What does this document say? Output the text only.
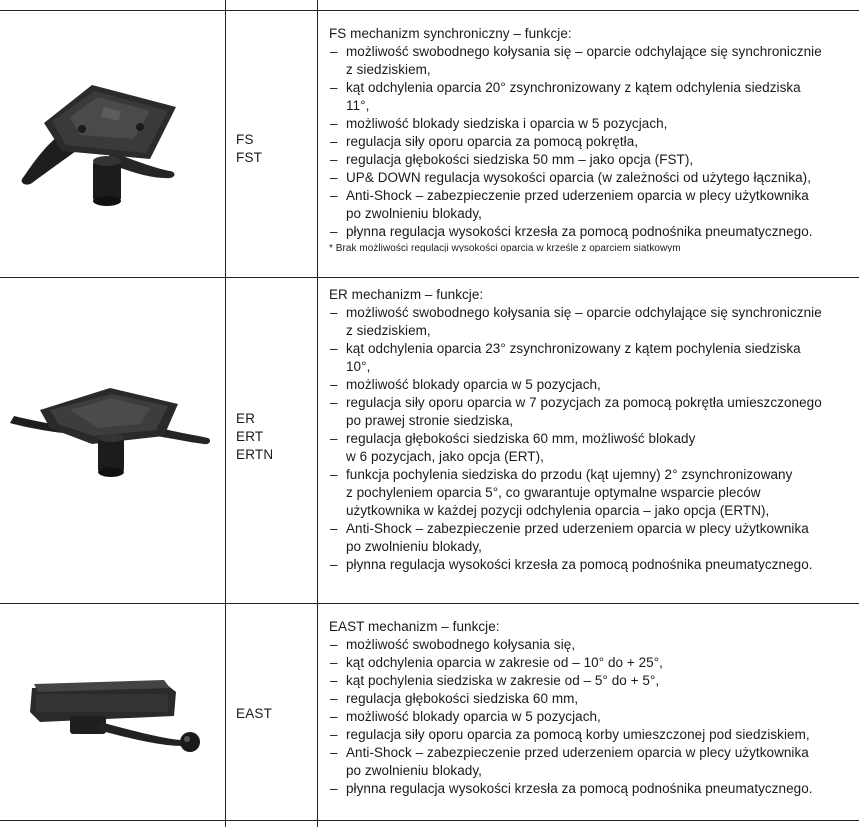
FS
FST
FS mechanizm synchroniczny – funkcje:
– możliwość swobodnego kołysania się – oparcie odchylające się synchronicznie
z siedziskiem,
– kąt odchylenia oparcia 20° zsynchronizowany z kątem odchylenia siedziska
11°,
– możliwość blokady siedziska i oparcia w 5 pozycjach,
– regulacja siły oporu oparcia za pomocą pokrętła,
– regulacja głębokości siedziska 50 mm – jako opcja (FST),
– UP& DOWN regulacja wysokości oparcia (w zależności od użytego łącznika),
– Anti-Shock – zabezpieczenie przed uderzeniem oparcia w plecy użytkownika
po zwolnieniu blokady,
– płynna regulacja wysokości krzesła za pomocą podnośnika pneumatycznego.
* Brak możliwości regulacji wysokości oparcia w krześle z oparciem siatkowym
ER
ERT
ERTN
ER mechanizm – funkcje:
– możliwość swobodnego kołysania się – oparcie odchylające się synchronicznie
z siedziskiem,
– kąt odchylenia oparcia 23° zsynchronizowany z kątem pochylenia siedziska
10°,
– możliwość blokady oparcia w 5 pozycjach,
– regulacja siły oporu oparcia w 7 pozycjach za pomocą pokrętła umieszczonego
po prawej stronie siedziska,
– regulacja głębokości siedziska 60 mm, możliwość blokady
w 6 pozycjach, jako opcja (ERT),
– funkcja pochylenia siedziska do przodu (kąt ujemny) 2° zsynchronizowany
z pochyleniem oparcia 5°, co gwarantuje optymalne wsparcie pleców
użytkownika w każdej pozycji odchylenia oparcia – jako opcja (ERTN),
– Anti-Shock – zabezpieczenie przed uderzeniem oparcia w plecy użytkownika
po zwolnieniu blokady,
– płynna regulacja wysokości krzesła za pomocą podnośnika pneumatycznego.
EAST
EAST mechanizm – funkcje:
– możliwość swobodnego kołysania się,
– kąt odchylenia oparcia w zakresie od – 10° do + 25°,
– kąt pochylenia siedziska w zakresie od – 5° do + 5°,
– regulacja głębokości siedziska 60 mm,
– możliwość blokady oparcia w 5 pozycjach,
– regulacja siły oporu oparcia za pomocą korby umieszczonej pod siedziskiem,
– Anti-Shock – zabezpieczenie przed uderzeniem oparcia w plecy użytkownika
po zwolnieniu blokady,
– płynna regulacja wysokości krzesła za pomocą podnośnika pneumatycznego.
